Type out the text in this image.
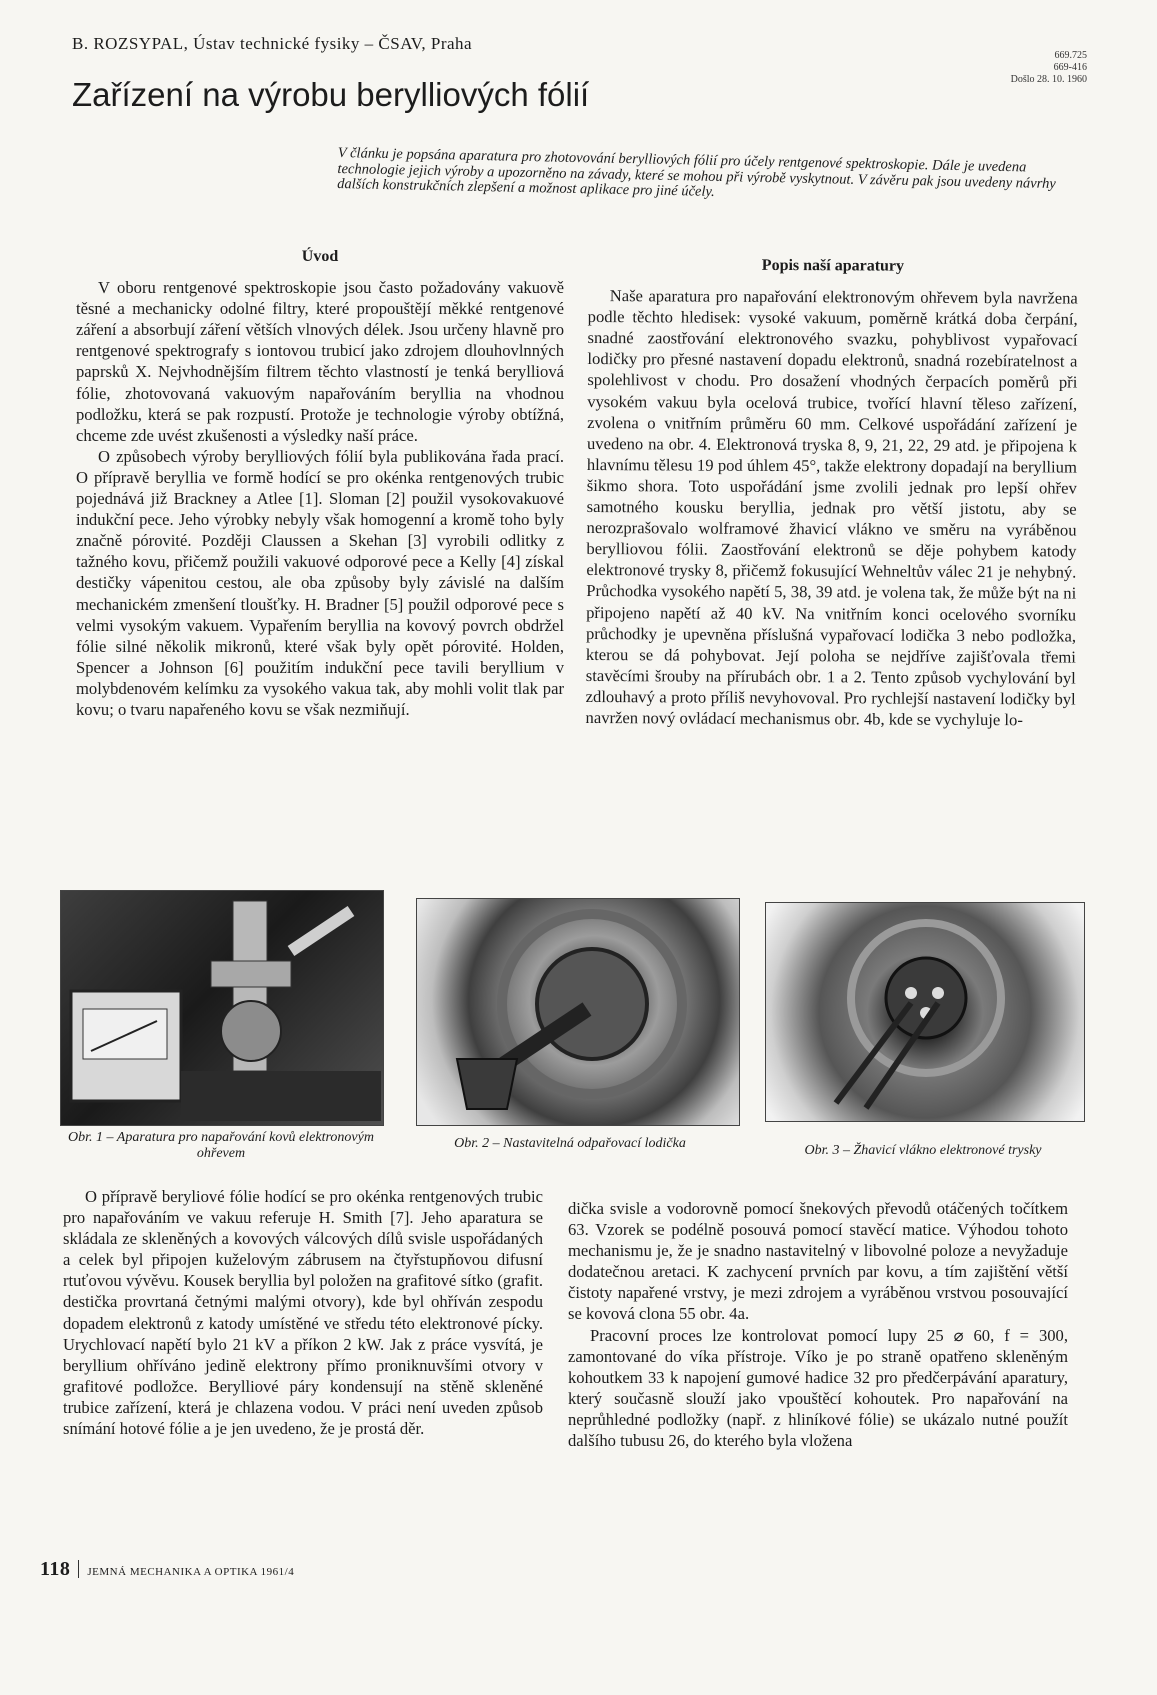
B. ROZSYPAL, Ústav technické fysiky – ČSAV, Praha
669.725
669-416
Došlo 28. 10. 1960
Zařízení na výrobu berylliových fólií

V článku je popsána aparatura pro zhotovování berylliových fólií pro účely rentgenové spektroskopie. Dále je uvedena technologie jejich výroby a upozorněno na závady, které se mohou při výrobě vyskytnout. V závěru pak jsou uvedeny návrhy dalších konstrukčních zlepšení a možnost aplikace pro jiné účely.

Úvod

V oboru rentgenové spektroskopie jsou často požadovány vakuově těsné a mechanicky odolné filtry, které propouštějí měkké rentgenové záření a absorbují záření větších vlnových délek. Jsou určeny hlavně pro rentgenové spektrografy s iontovou trubicí jako zdrojem dlouhovlnných paprsků X. Nejvhodnějším filtrem těchto vlastností je tenká berylliová fólie, zhotovovaná vakuovým napařováním beryllia na vhodnou podložku, která se pak rozpustí. Protože je technologie výroby obtížná, chceme zde uvést zkušenosti a výsledky naší práce.

O způsobech výroby berylliových fólií byla publikována řada prací. O přípravě beryllia ve formě hodící se pro okénka rentgenových trubic pojednává již Brackney a Atlee [1]. Sloman [2] použil vysokovakuové indukční pece. Jeho výrobky nebyly však homogenní a kromě toho byly značně pórovité. Později Claussen a Skehan [3] vyrobili odlitky z tažného kovu, přičemž použili vakuové odporové pece a Kelly [4] získal destičky vápenitou cestou, ale oba způsoby byly závislé na dalším mechanickém zmenšení tloušťky. H. Bradner [5] použil odporové pece s velmi vysokým vakuem. Vypařením beryllia na kovový povrch obdržel fólie silné několik mikronů, které však byly opět pórovité. Holden, Spencer a Johnson [6] použitím indukční pece tavili beryllium v molybdenovém kelímku za vysokého vakua tak, aby mohli volit tlak par kovu; o tvaru napařeného kovu se však nezmiňují.

Popis naší aparatury

Naše aparatura pro napařování elektronovým ohřevem byla navržena podle těchto hledisek: vysoké vakuum, poměrně krátká doba čerpání, snadné zaostřování elektronového svazku, pohyblivost vypařovací lodičky pro přesné nastavení dopadu elektronů, snadná rozebíratelnost a spolehlivost v chodu. Pro dosažení vhodných čerpacích poměrů při vysokém vakuu byla ocelová trubice, tvořící hlavní těleso zařízení, zvolena o vnitřním průměru 60 mm. Celkové uspořádání zařízení je uvedeno na obr. 4. Elektronová tryska 8, 9, 21, 22, 29 atd. je připojena k hlavnímu tělesu 19 pod úhlem 45°, takže elektrony dopadají na beryllium šikmo shora. Toto uspořádání jsme zvolili jednak pro lepší ohřev samotného kousku beryllia, jednak pro větší jistotu, aby se nerozprašovalo wolframové žhavicí vlákno ve směru na vyráběnou berylliovou fólii. Zaostřování elektronů se děje pohybem katody elektronové trysky 8, přičemž fokusující Wehneltův válec 21 je nehybný. Průchodka vysokého napětí 5, 38, 39 atd. je volena tak, že může být na ni připojeno napětí až 40 kV. Na vnitřním konci ocelového svorníku průchodky je upevněna příslušná vypařovací lodička 3 nebo podložka, kterou se dá pohybovat. Její poloha se nejdříve zajišťovala třemi stavěcími šrouby na přírubách obr. 1 a 2. Tento způsob vychylování byl zdlouhavý a proto příliš nevyhovoval. Pro rychlejší nastavení lodičky byl navržen nový ovládací mechanismus obr. 4b, kde se vychyluje lo-

Obr. 1 – Aparatura pro napařování kovů elektronovým ohřevem
Obr. 2 – Nastavitelná odpařovací lodička	Obr. 3 – Žhavicí vlákno elektronové trysky

O přípravě beryliové fólie hodící se pro okénka rentgenových trubic pro napařováním ve vakuu referuje H. Smith [7]. Jeho aparatura se skládala ze skleněných a kovových válcových dílů svisle uspořádaných a celek byl připojen kuželovým zábrusem na čtyřstupňovou difusní rtuťovou vývěvu. Kousek beryllia byl položen na grafitové sítko (grafit. destička provrtaná četnými malými otvory), kde byl ohříván zespodu dopadem elektronů z katody umístěné ve středu této elektronové pícky. Urychlovací napětí bylo 21 kV a příkon 2 kW. Jak z práce vysvítá, je beryllium ohříváno jedině elektrony přímo proniknuvšími otvory v grafitové podložce. Berylliové páry kondensují na stěně skleněné trubice zařízení, která je chlazena vodou. V práci není uveden způsob snímání hotové fólie a je jen uvedeno, že je prostá děr.

dička svisle a vodorovně pomocí šnekových převodů otáčených točítkem 63. Vzorek se podélně posouvá pomocí stavěcí matice. Výhodou tohoto mechanismu je, že je snadno nastavitelný v libovolné poloze a nevyžaduje dodatečnou aretaci. K zachycení prvních par kovu, a tím zajištění větší čistoty napařené vrstvy, je mezi zdrojem a vyráběnou vrstvou posouvající se kovová clona 55 obr. 4a.

Pracovní proces lze kontrolovat pomocí lupy 25 ⌀ 60, f = 300, zamontované do víka přístroje. Víko je po straně opatřeno skleněným kohoutkem 33 k napojení gumové hadice 32 pro předčerpávání aparatury, který současně slouží jako vpouštěcí kohoutek. Pro napařování na neprůhledné podložky (např. z hliníkové fólie) se ukázalo nutné použít dalšího tubusu 26, do kterého byla vložena

118 JEMNÁ MECHANIKA A OPTIKA 1961/4
